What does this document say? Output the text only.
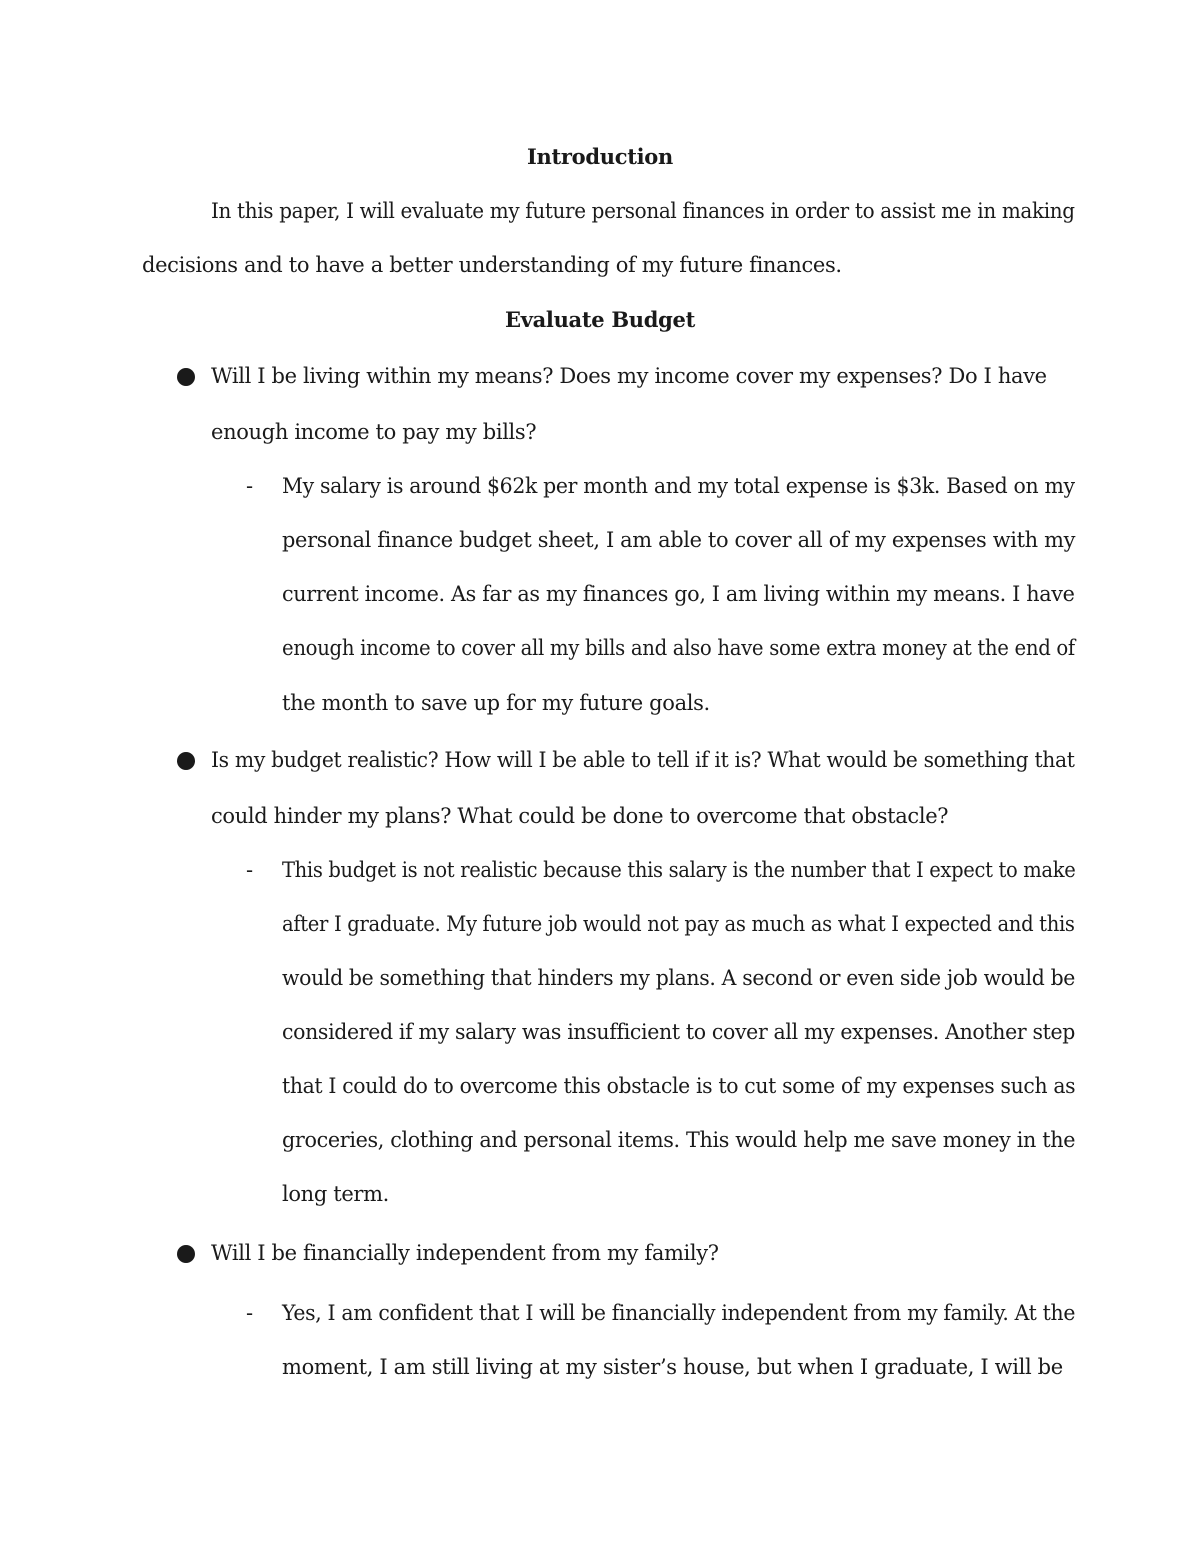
Introduction
In this paper, I will evaluate my future personal finances in order to assist me in making
decisions and to have a better understanding of my future finances.
Evaluate Budget
Will I be living within my means? Does my income cover my expenses? Do I have
enough income to pay my bills?
- My salary is around $62k per month and my total expense is $3k. Based on my
personal finance budget sheet, I am able to cover all of my expenses with my
current income. As far as my finances go, I am living within my means. I have
enough income to cover all my bills and also have some extra money at the end of
the month to save up for my future goals.
Is my budget realistic? How will I be able to tell if it is? What would be something that
could hinder my plans? What could be done to overcome that obstacle?
- This budget is not realistic because this salary is the number that I expect to make
after I graduate. My future job would not pay as much as what I expected and this
would be something that hinders my plans. A second or even side job would be
considered if my salary was insufficient to cover all my expenses. Another step
that I could do to overcome this obstacle is to cut some of my expenses such as
groceries, clothing and personal items. This would help me save money in the
long term.
Will I be financially independent from my family?
- Yes, I am confident that I will be financially independent from my family. At the
moment, I am still living at my sister’s house, but when I graduate, I will be
